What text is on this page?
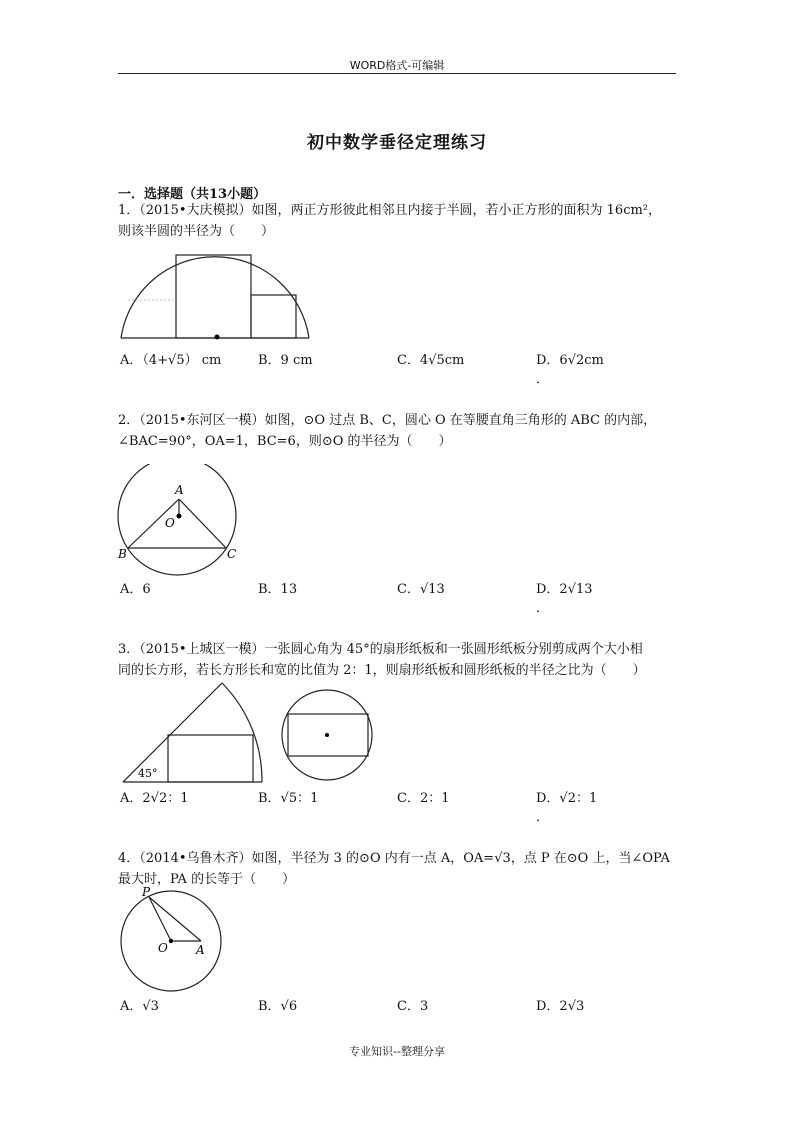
WORD格式-可编辑
初中数学垂径定理练习
一．选择题（共13小题）
1．（2015•大庆模拟）如图，两正方形彼此相邻且内接于半圆，若小正方形的面积为 16cm²，
则该半圆的半径为（　　）
A．（4+√5） cm	B．9 cm	C．4√5cm	D．6√2cm
．
2．（2015•东河区一模）如图，⊙O 过点 B、C，圆心 O 在等腰直角三角形的 ABC 的内部，
∠BAC=90°，OA=1，BC=6，则⊙O 的半径为（　　）
A
O
B	C
A．6	B．13	C．√13	D．2√13
．
3．（2015•上城区一模）一张圆心角为 45°的扇形纸板和一张圆形纸板分别剪成两个大小相
同的长方形，若长方形长和宽的比值为 2：1，则扇形纸板和圆形纸板的半径之比为（　　）
45°
A．2√2：1	B．√5：1	C．2：1	D．√2：1
．
4．（2014•乌鲁木齐）如图，半径为 3 的⊙O 内有一点 A，OA=√3，点 P 在⊙O 上，当∠OPA
最大时，PA 的长等于（　　）
P
O A
A．√3	B．√6	C．3	D．2√3
专业知识--整理分享
